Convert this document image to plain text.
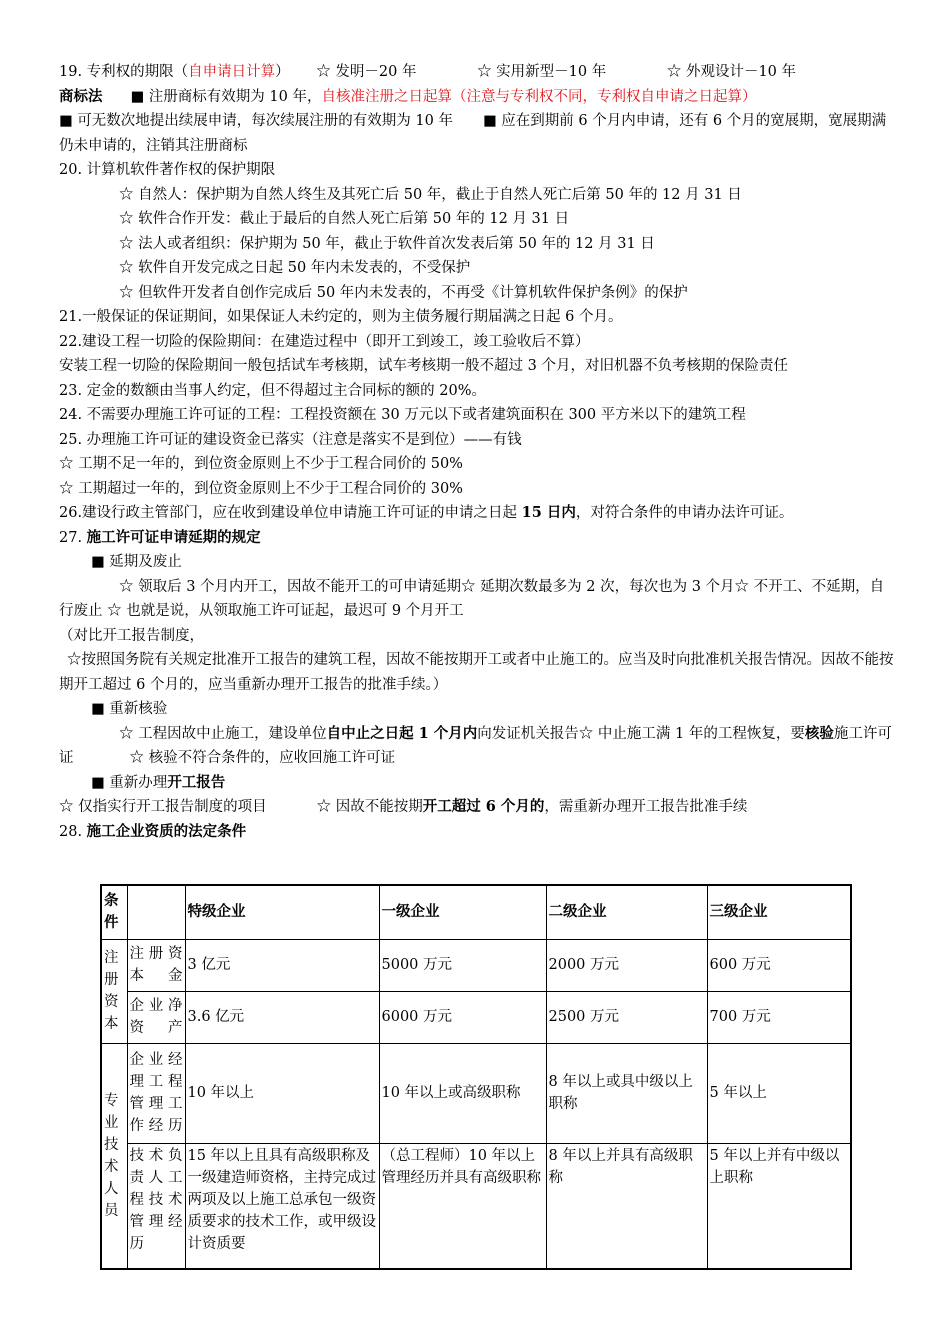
19. 专利权的期限（自申请日计算） ☆ 发明－20 年	☆ 实用新型－10 年	☆ 外观设计－10 年
商标法 ■ 注册商标有效期为 10 年，自核准注册之日起算（注意与专利权不同，专利权自申请之日起算）
■ 可无数次地提出续展申请，每次续展注册的有效期为 10 年 ■ 应在到期前 6 个月内申请，还有 6 个月的宽展期，宽展期满仍未申请的，注销其注册商标
20. 计算机软件著作权的保护期限
☆ 自然人：保护期为自然人终生及其死亡后 50 年，截止于自然人死亡后第 50 年的 12 月 31 日
☆ 软件合作开发：截止于最后的自然人死亡后第 50 年的 12 月 31 日
☆ 法人或者组织：保护期为 50 年，截止于软件首次发表后第 50 年的 12 月 31 日
☆ 软件自开发完成之日起 50 年内未发表的，不受保护
☆ 但软件开发者自创作完成后 50 年内未发表的，不再受《计算机软件保护条例》的保护
21.一般保证的保证期间，如果保证人未约定的，则为主债务履行期届满之日起 6 个月。
22.建设工程一切险的保险期间：在建造过程中（即开工到竣工，竣工验收后不算）
安装工程一切险的保险期间一般包括试车考核期，试车考核期一般不超过 3 个月，对旧机器不负考核期的保险责任
23. 定金的数额由当事人约定，但不得超过主合同标的额的 20%。
24. 不需要办理施工许可证的工程：工程投资额在 30 万元以下或者建筑面积在 300 平方米以下的建筑工程
25. 办理施工许可证的建设资金已落实（注意是落实不是到位）——有钱
☆ 工期不足一年的，到位资金原则上不少于工程合同价的 50%
☆ 工期超过一年的，到位资金原则上不少于工程合同价的 30%
26.建设行政主管部门，应在收到建设单位申请施工许可证的申请之日起 15 日内，对符合条件的申请办法许可证。
27. 施工许可证申请延期的规定
■ 延期及废止
☆ 领取后 3 个月内开工，因故不能开工的可申请延期☆ 延期次数最多为 2 次，每次也为 3 个月☆ 不开工、不延期，自行废止 ☆ 也就是说，从领取施工许可证起，最迟可 9 个月开工
（对比开工报告制度，
☆按照国务院有关规定批准开工报告的建筑工程，因故不能按期开工或者中止施工的。应当及时向批准机关报告情况。因故不能按期开工超过 6 个月的，应当重新办理开工报告的批准手续。）
■ 重新核验
☆ 工程因故中止施工，建设单位自中止之日起 1 个月内向发证机关报告☆ 中止施工满 1 年的工程恢复，要核验施工许可证	☆ 核验不符合条件的，应收回施工许可证
■ 重新办理开工报告
☆ 仅指实行开工报告制度的项目	☆ 因故不能按期开工超过 6 个月的，需重新办理开工报告批准手续
28. 施工企业资质的法定条件
条件		特级企业	一级企业	二级企业	三级企业
注册资本	注册资本金	3 亿元	5000 万元	2000 万元	600 万元
	企业净资产	3.6 亿元	6000 万元	2500 万元	700 万元
专业技术人员	企业经理工程管理工作经历	10 年以上	10 年以上或高级职称	8 年以上或具中级以上职称	5 年以上
	技术负责人工程技术管理经历	15 年以上且具有高级职称及一级建造师资格，主持完成过两项及以上施工总承包一级资质要求的技术工作，或甲级设计资质要	（总工程师）10 年以上管理经历并具有高级职称	8 年以上并具有高级职称	5 年以上并有中级以上职称
